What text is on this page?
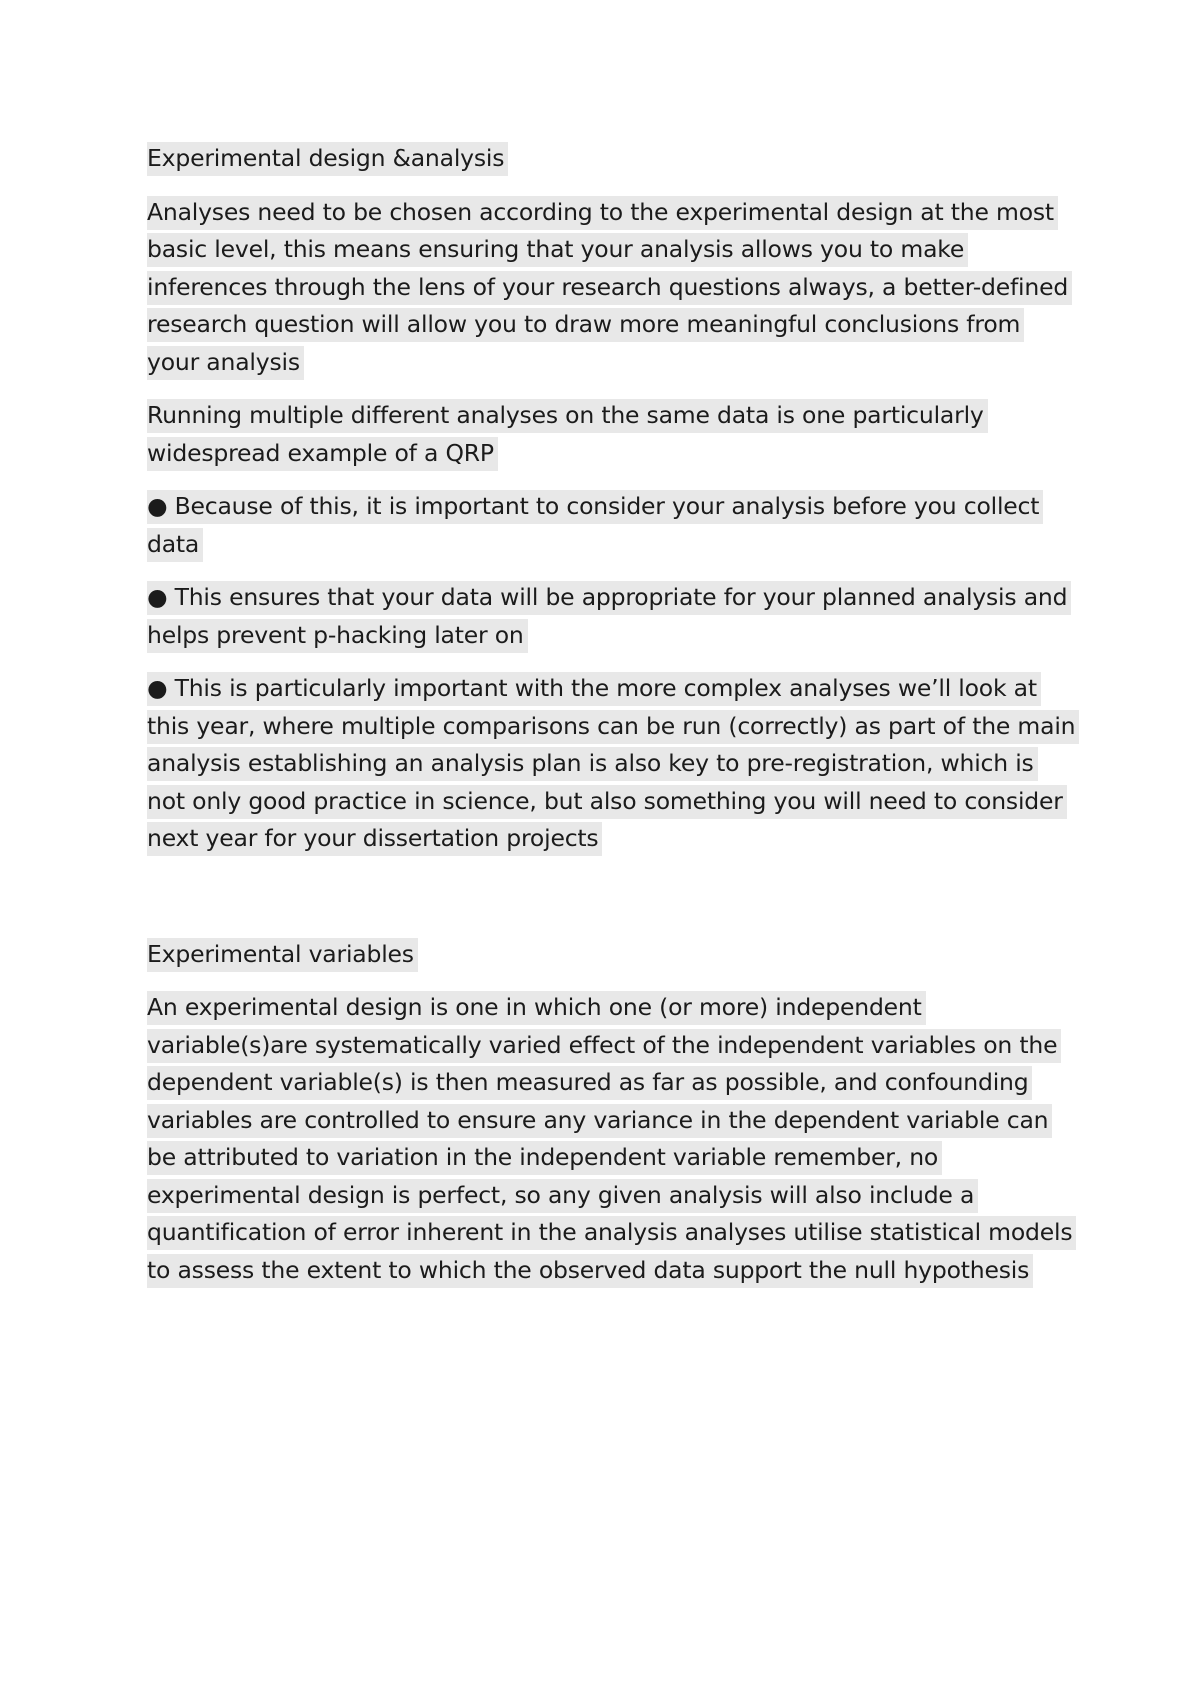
Experimental design &analysis

Analyses need to be chosen according to the experimental design at the most basic level, this means ensuring that your analysis allows you to make inferences through the lens of your research questions always, a better-defined research question will allow you to draw more meaningful conclusions from your analysis

Running multiple different analyses on the same data is one particularly widespread example of a QRP

● Because of this, it is important to consider your analysis before you collect data

● This ensures that your data will be appropriate for your planned analysis and helps prevent p-hacking later on

● This is particularly important with the more complex analyses we’ll look at this year, where multiple comparisons can be run (correctly) as part of the main analysis establishing an analysis plan is also key to pre-registration, which is not only good practice in science, but also something you will need to consider next year for your dissertation projects

Experimental variables

An experimental design is one in which one (or more) independent variable(s)are systematically varied effect of the independent variables on the dependent variable(s) is then measured as far as possible, and confounding variables are controlled to ensure any variance in the dependent variable can be attributed to variation in the independent variable remember, no experimental design is perfect, so any given analysis will also include a quantification of error inherent in the analysis analyses utilise statistical models to assess the extent to which the observed data support the null hypothesis
